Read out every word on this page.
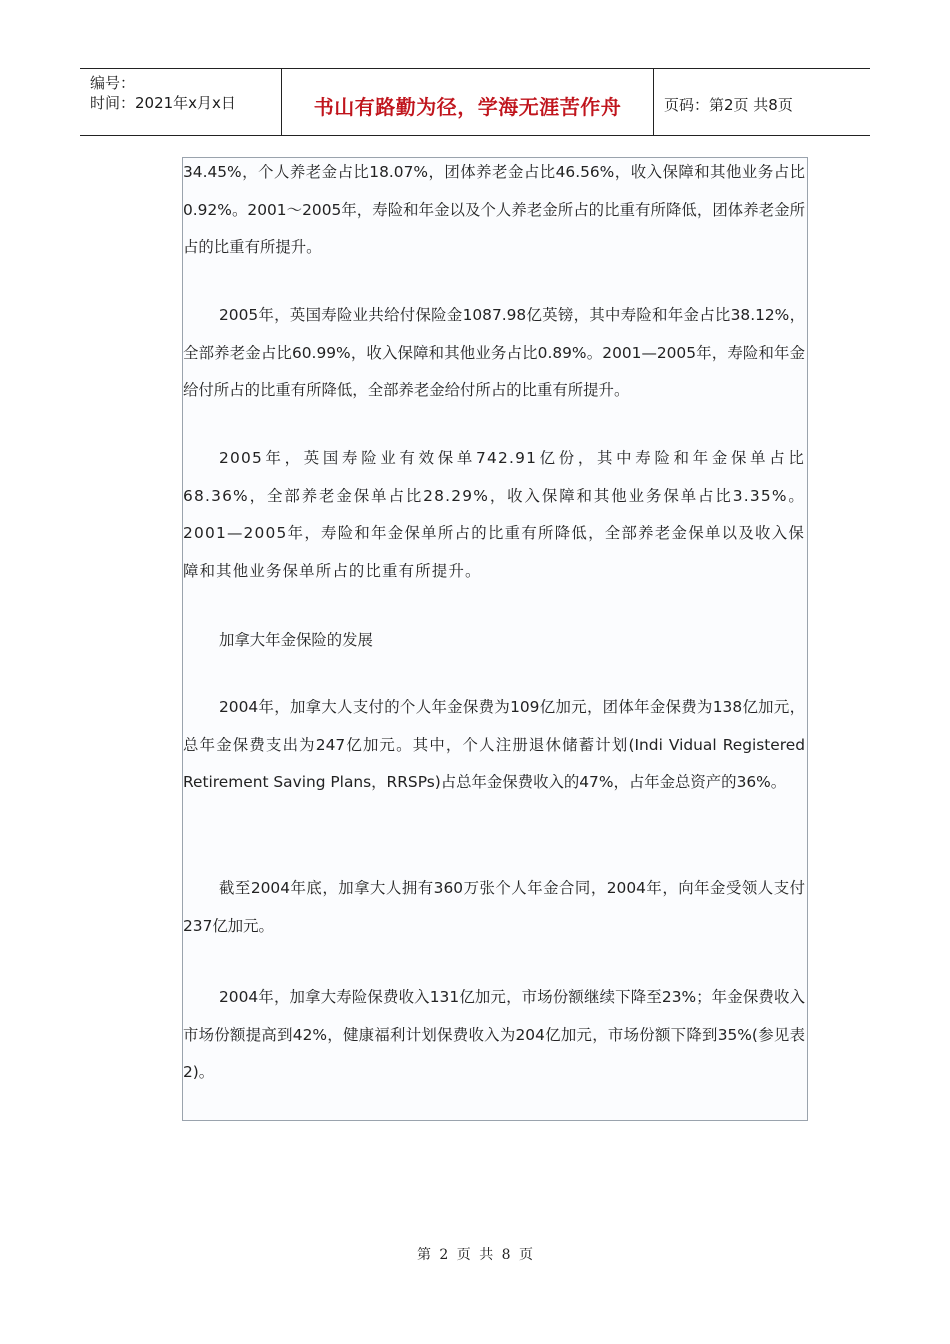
编号：
时间：2021年x月x日	书山有路勤为径，学海无涯苦作舟	页码：第2页 共8页

34.45%，个人养老金占比18.07%，团体养老金占比46.56%，收入保障和其他业务占比0.92%。2001～2005年，寿险和年金以及个人养老金所占的比重有所降低，团体养老金所占的比重有所提升。

2005年，英国寿险业共给付保险金1087.98亿英镑，其中寿险和年金占比38.12%，全部养老金占比60.99%，收入保障和其他业务占比0.89%。2001—2005年，寿险和年金给付所占的比重有所降低，全部养老金给付所占的比重有所提升。

2005年，英国寿险业有效保单742.91亿份，其中寿险和年金保单占比68.36%，全部养老金保单占比28.29%，收入保障和其他业务保单占比3.35%。2001—2005年，寿险和年金保单所占的比重有所降低，全部养老金保单以及收入保障和其他业务保单所占的比重有所提升。

加拿大年金保险的发展

2004年，加拿大人支付的个人年金保费为109亿加元，团体年金保费为138亿加元，总年金保费支出为247亿加元。其中，个人注册退休储蓄计划(Indi Vidual Registered Retirement Saving Plans，RRSPs)占总年金保费收入的47%，占年金总资产的36%。

截至2004年底，加拿大人拥有360万张个人年金合同，2004年，向年金受领人支付237亿加元。

2004年，加拿大寿险保费收入131亿加元，市场份额继续下降至23%；年金保费收入市场份额提高到42%，健康福利计划保费收入为204亿加元，市场份额下降到35%(参见表2)。

第 2 页 共 8 页
